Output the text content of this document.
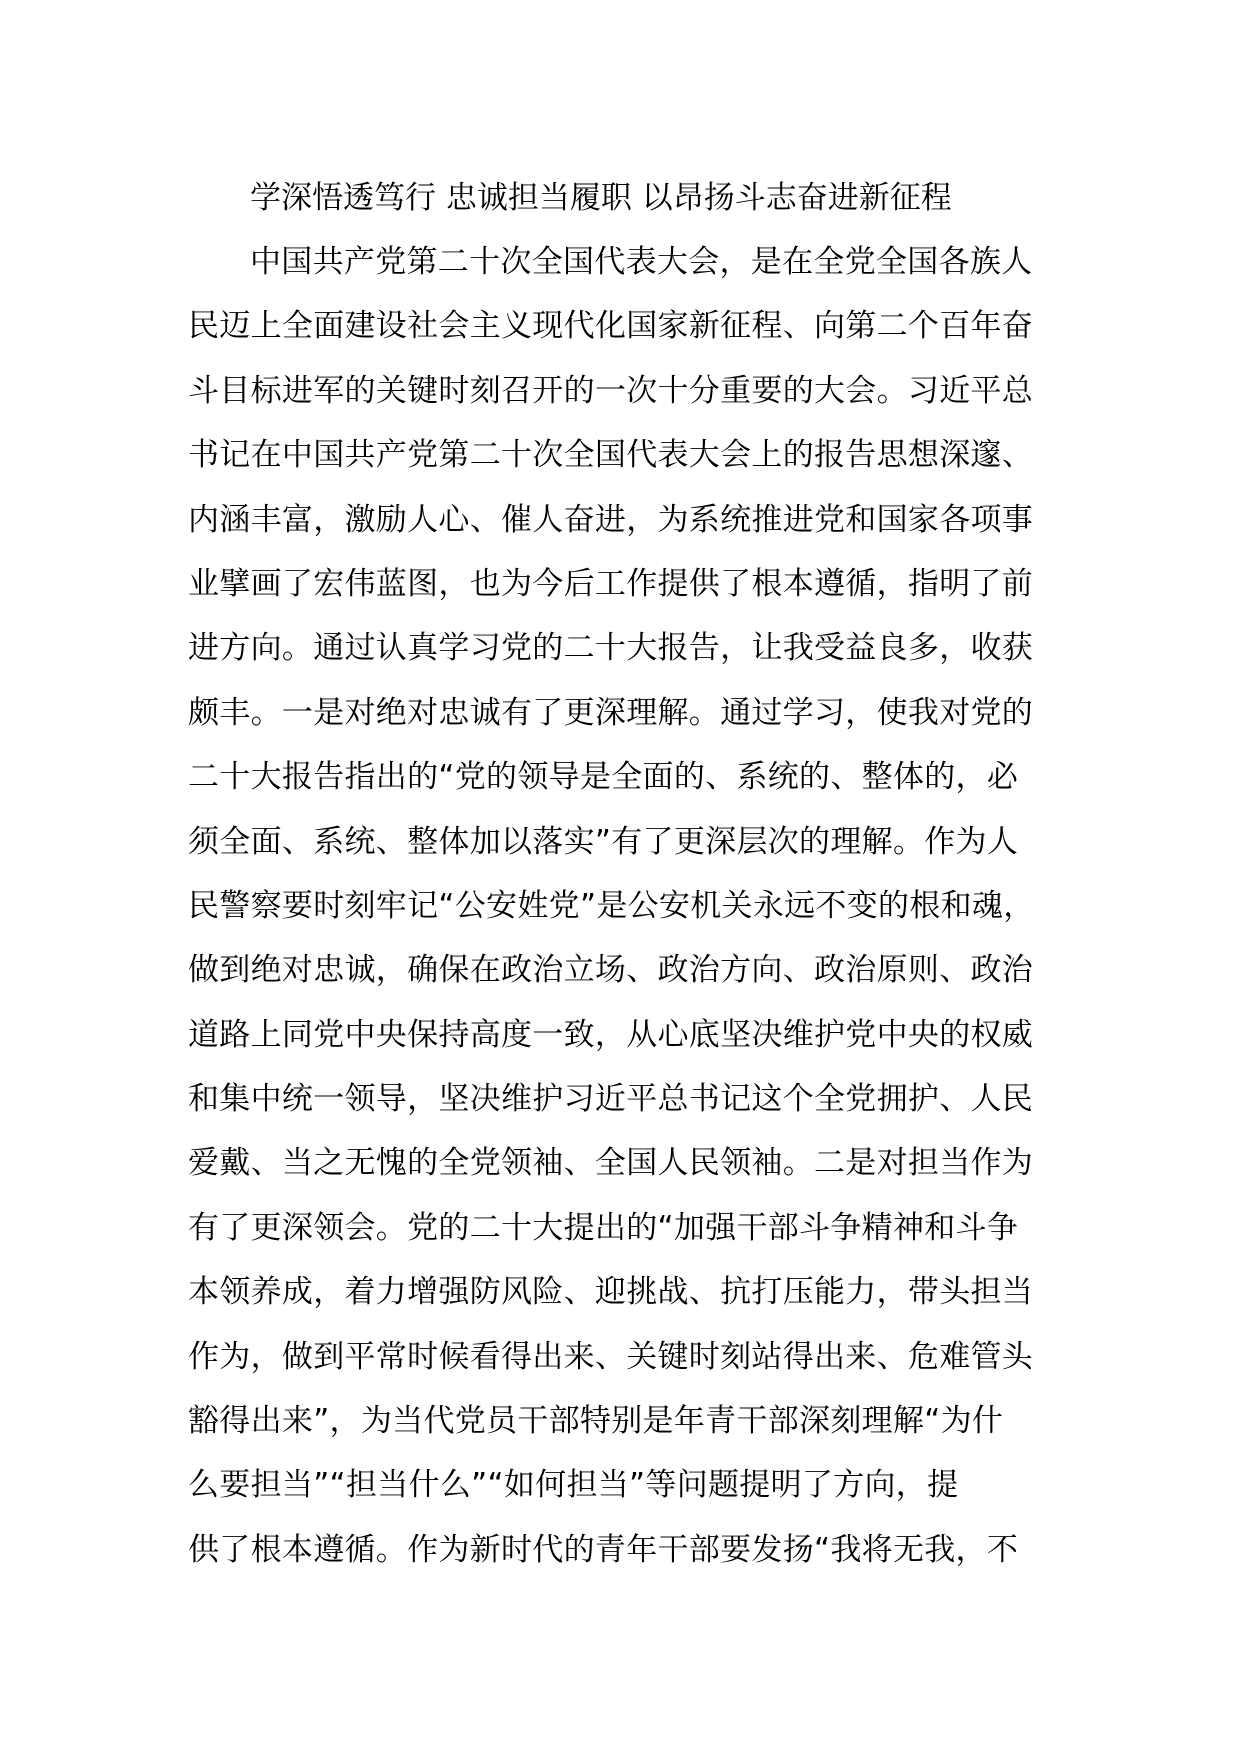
学深悟透笃行 忠诚担当履职 以昂扬斗志奋进新征程
中国共产党第二十次全国代表大会，是在全党全国各族人
民迈上全面建设社会主义现代化国家新征程、向第二个百年奋
斗目标进军的关键时刻召开的一次十分重要的大会。习近平总
书记在中国共产党第二十次全国代表大会上的报告思想深邃、
内涵丰富，激励人心、催人奋进，为系统推进党和国家各项事
业擘画了宏伟蓝图，也为今后工作提供了根本遵循，指明了前
进方向。通过认真学习党的二十大报告，让我受益良多，收获
颇丰。一是对绝对忠诚有了更深理解。通过学习，使我对党的
二十大报告指出的“党的领导是全面的、系统的、整体的，必
须全面、系统、整体加以落实”有了更深层次的理解。作为人
民警察要时刻牢记“公安姓党”是公安机关永远不变的根和魂，
做到绝对忠诚，确保在政治立场、政治方向、政治原则、政治
道路上同党中央保持高度一致，从心底坚决维护党中央的权威
和集中统一领导，坚决维护习近平总书记这个全党拥护、人民
爱戴、当之无愧的全党领袖、全国人民领袖。二是对担当作为
有了更深领会。党的二十大提出的“加强干部斗争精神和斗争
本领养成，着力增强防风险、迎挑战、抗打压能力，带头担当
作为，做到平常时候看得出来、关键时刻站得出来、危难管头
豁得出来”，为当代党员干部特别是年青干部深刻理解“为什
么要担当”“担当什么”“如何担当”等问题提明了方向，提
供了根本遵循。作为新时代的青年干部要发扬“我将无我，不
